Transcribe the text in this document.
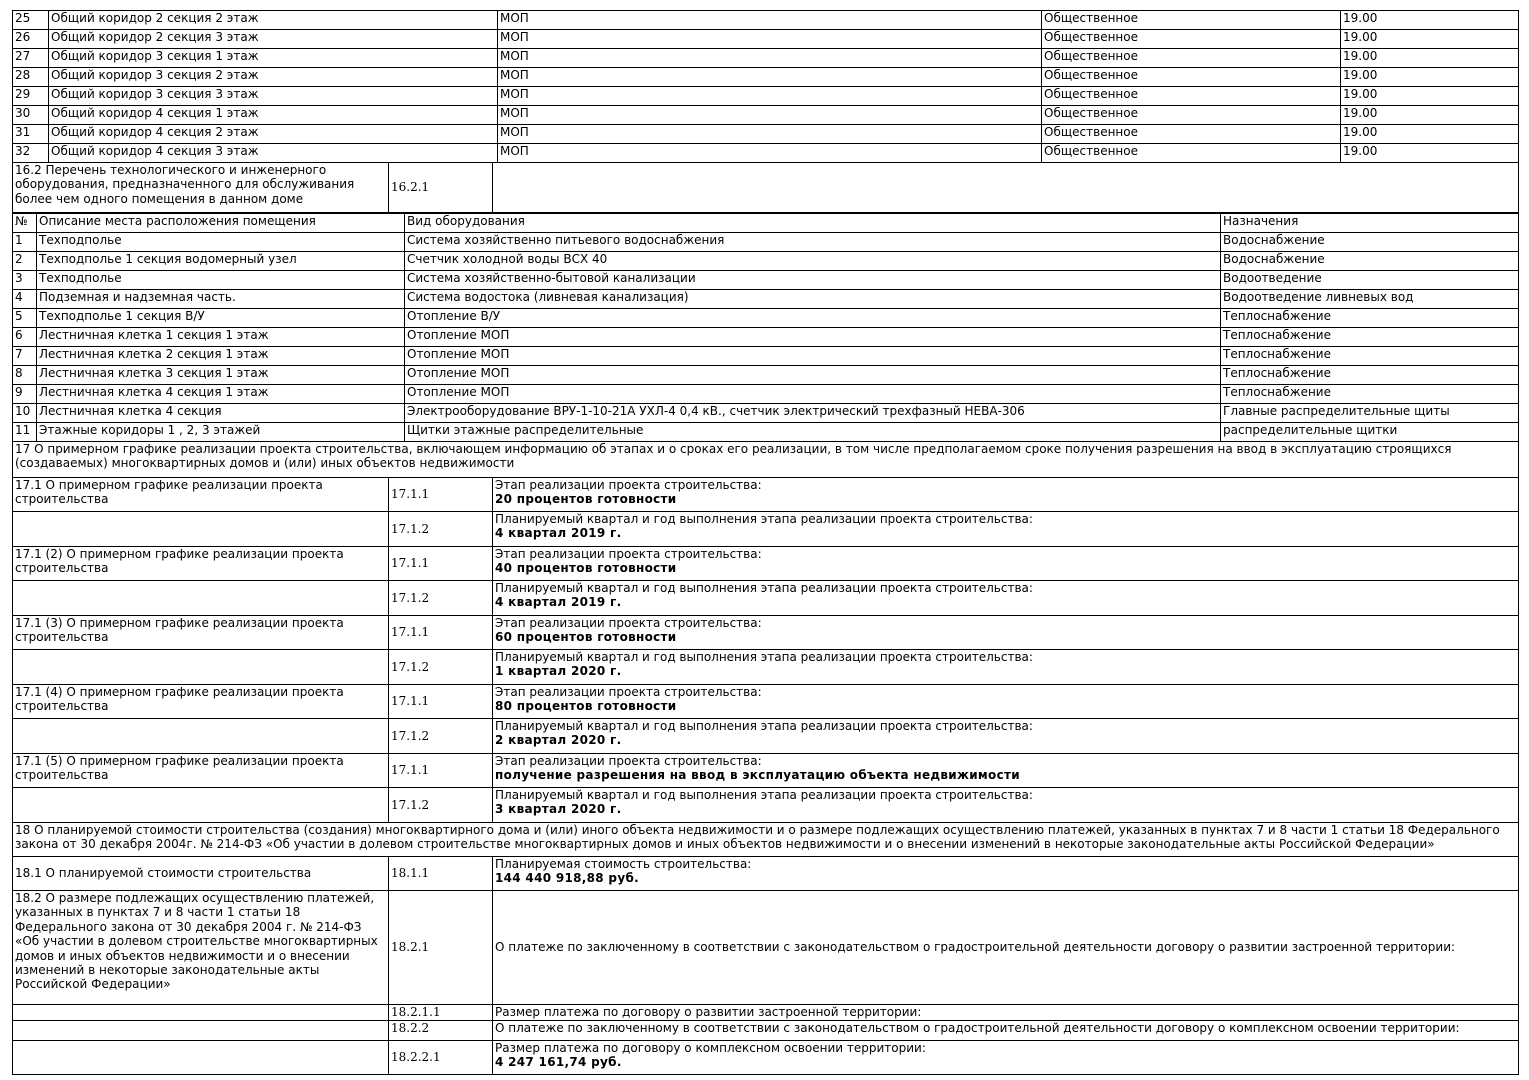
25	Общий коридор 2 секция 2 этаж	МОП	Общественное	19.00
26	Общий коридор 2 секция 3 этаж	МОП	Общественное	19.00
27	Общий коридор 3 секция 1 этаж	МОП	Общественное	19.00
28	Общий коридор 3 секция 2 этаж	МОП	Общественное	19.00
29	Общий коридор 3 секция 3 этаж	МОП	Общественное	19.00
30	Общий коридор 4 секция 1 этаж	МОП	Общественное	19.00
31	Общий коридор 4 секция 2 этаж	МОП	Общественное	19.00
32	Общий коридор 4 секция 3 этаж	МОП	Общественное	19.00
16.2 Перечень технологического и инженерного оборудования, предназначенного для обслуживания более чем одного помещения в данном доме	16.2.1	
№	Описание места расположения помещения	Вид оборудования	Назначения
1	Техподполье	Система хозяйственно питьевого водоснабжения	Водоснабжение
2	Техподполье 1 секция водомерный узел	Счетчик холодной воды ВСХ 40	Водоснабжение
3	Техподполье	Система хозяйственно-бытовой канализации	Водоотведение
4	Подземная и надземная часть.	Система водостока (ливневая канализация)	Водоотведение ливневых вод
5	Техподполье 1 секция В/У	Отопление В/У	Теплоснабжение
6	Лестничная клетка 1 секция 1 этаж	Отопление МОП	Теплоснабжение
7	Лестничная клетка 2 секция 1 этаж	Отопление МОП	Теплоснабжение
8	Лестничная клетка 3 секция 1 этаж	Отопление МОП	Теплоснабжение
9	Лестничная клетка 4 секция 1 этаж	Отопление МОП	Теплоснабжение
10	Лестничная клетка 4 секция	Электрооборудование ВРУ-1-10-21А УХЛ-4 0,4 кВ., счетчик электрический трехфазный НЕВА-306	Главные распределительные щиты
11	Этажные коридоры 1 , 2, 3 этажей	Щитки этажные распределительные	распределительные щитки
17 О примерном графике реализации проекта строительства, включающем информацию об этапах и о сроках его реализации, в том числе предполагаемом сроке получения разрешения на ввод в эксплуатацию строящихся (создаваемых) многоквартирных домов и (или) иных объектов недвижимости		
17.1 О примерном графике реализации проекта строительства	17.1.1	Этап реализации проекта строительства:
20 процентов готовности

	17.1.2	Планируемый квартал и год выполнения этапа реализации проекта строительства:
4 квартал 2019 г.

17.1 (2) О примерном графике реализации проекта строительства	17.1.1	Этап реализации проекта строительства:
40 процентов готовности

	17.1.2	Планируемый квартал и год выполнения этапа реализации проекта строительства:
4 квартал 2019 г.

17.1 (3) О примерном графике реализации проекта строительства	17.1.1	Этап реализации проекта строительства:
60 процентов готовности

	17.1.2	Планируемый квартал и год выполнения этапа реализации проекта строительства:
1 квартал 2020 г.

17.1 (4) О примерном графике реализации проекта строительства	17.1.1	Этап реализации проекта строительства:
80 процентов готовности

	17.1.2	Планируемый квартал и год выполнения этапа реализации проекта строительства:
2 квартал 2020 г.

17.1 (5) О примерном графике реализации проекта строительства	17.1.1	Этап реализации проекта строительства:
получение разрешения на ввод в эксплуатацию объекта недвижимости

	17.1.2	Планируемый квартал и год выполнения этапа реализации проекта строительства:
3 квартал 2020 г.
18 О планируемой стоимости строительства (создания) многоквартирного дома и (или) иного объекта недвижимости и о размере подлежащих осуществлению платежей, указанных в пунктах 7 и 8 части 1 статьи 18 Федерального закона от 30 декабря 2004г. № 214-ФЗ «Об участии в долевом строительстве многоквартирных домов и иных объектов недвижимости и о внесении изменений в некоторые законодательные акты Российской Федерации»		
18.1 О планируемой стоимости строительства	18.1.1	Планируемая стоимость строительства:
144 440 918,88 руб.

18.2 О размере подлежащих осуществлению платежей, указанных в пунктах 7 и 8 части 1 статьи 18 Федерального закона от 30 декабря 2004 г. № 214-ФЗ «Об участии в долевом строительстве многоквартирных домов и иных объектов недвижимости и о внесении изменений в некоторые законодательные акты Российской Федерации»	18.2.1	О платеже по заключенному в соответствии с законодательством о градостроительной деятельности договору о развитии застроенной территории:
	18.2.1.1	Размер платежа по договору о развитии застроенной территории:
	18.2.2	О платеже по заключенному в соответствии с законодательством о градостроительной деятельности договору о комплексном освоении территории:
	18.2.2.1	Размер платежа по договору о комплексном освоении территории:
4 247 161,74 руб.
